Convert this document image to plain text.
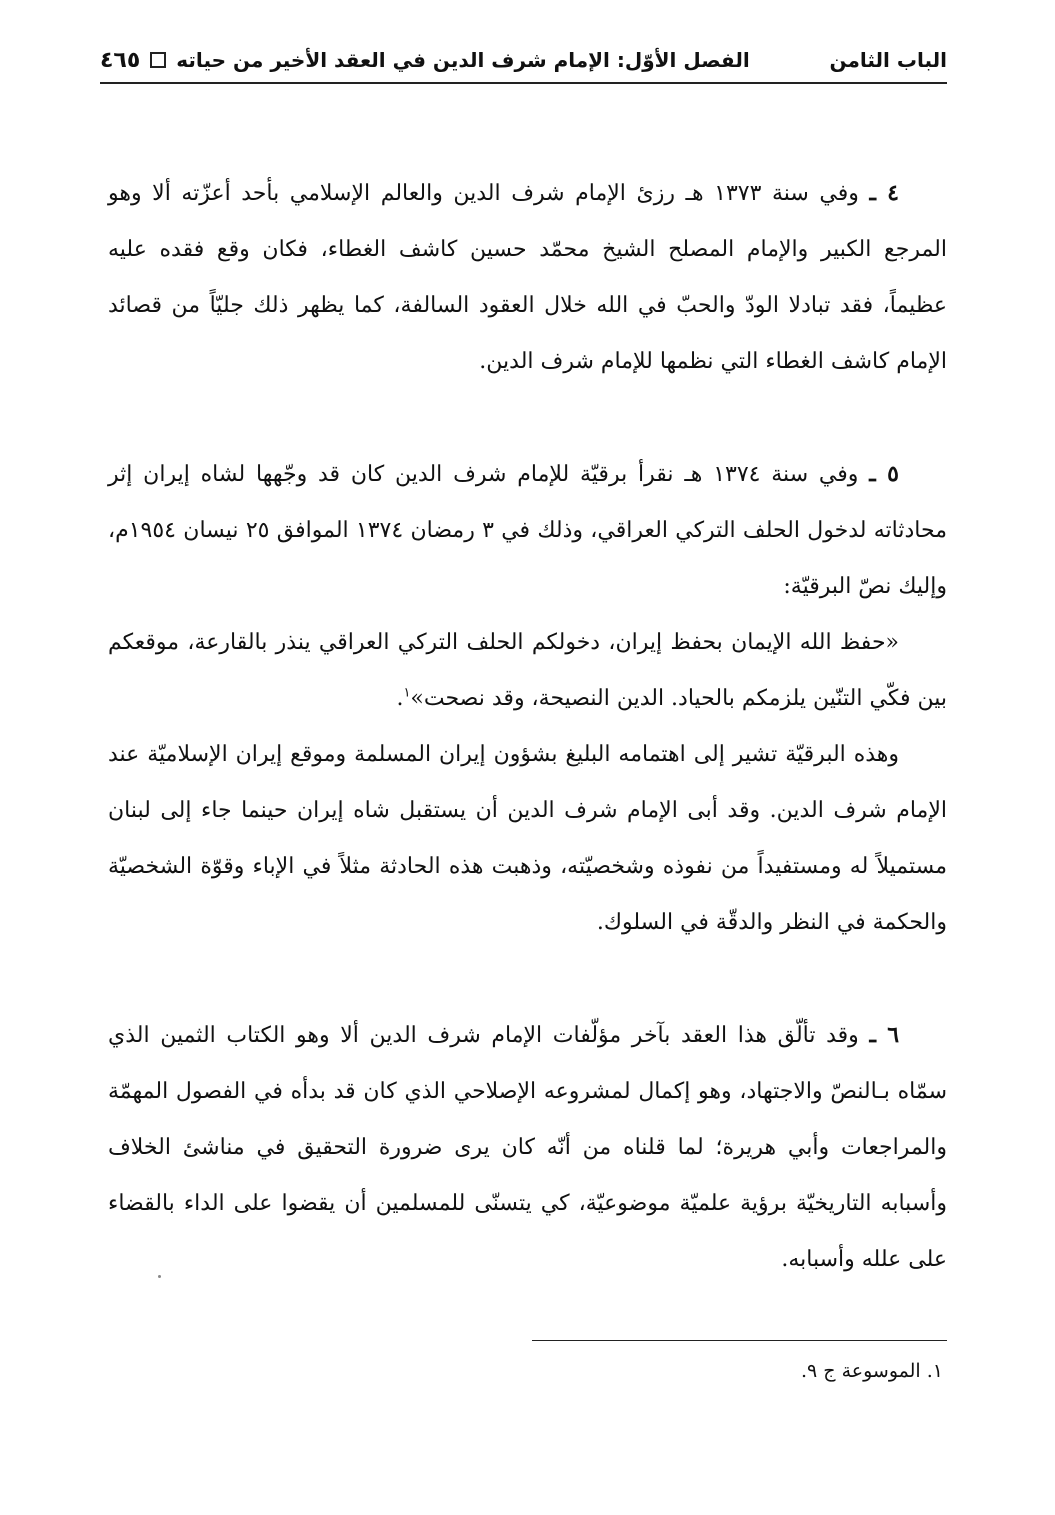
الباب الثامن
الفصل الأوّل: الإمام شرف الدين في العقد الأخير من حياته
٤٦٥

٤ ـ وفي سنة ١٣٧٣ هـ رزئ الإمام شرف الدين والعالم الإسلامي بأحد أعزّته ألا وهو المرجع الكبير والإمام المصلح الشيخ محمّد حسين كاشف الغطاء، فكان وقع فقده عليه عظيماً، فقد تبادلا الودّ والحبّ في الله خلال العقود السالفة، كما يظهر ذلك جليّاً من قصائد الإمام كاشف الغطاء التي نظمها للإمام شرف الدين.

٥ ـ وفي سنة ١٣٧٤ هـ نقرأ برقيّة للإمام شرف الدين كان قد وجّهها لشاه إيران إثر محادثاته لدخول الحلف التركي العراقي، وذلك في ٣ رمضان ١٣٧٤ الموافق ٢٥ نيسان ١٩٥٤م، وإليك نصّ البرقيّة:

«حفظ الله الإيمان بحفظ إيران، دخولكم الحلف التركي العراقي ينذر بالقارعة، موقعكم بين فكّي التنّين يلزمكم بالحياد. الدين النصيحة، وقد نصحت»$^١$.

وهذه البرقيّة تشير إلى اهتمامه البليغ بشؤون إيران المسلمة وموقع إيران الإسلاميّة عند الإمام شرف الدين. وقد أبى الإمام شرف الدين أن يستقبل شاه إيران حينما جاء إلى لبنان مستميلاً له ومستفيداً من نفوذه وشخصيّته، وذهبت هذه الحادثة مثلاً في الإباء وقوّة الشخصيّة والحكمة في النظر والدقّة في السلوك.

٦ ـ وقد تألّق هذا العقد بآخر مؤلّفات الإمام شرف الدين ألا وهو الكتاب الثمين الذي سمّاه بـالنصّ والاجتهاد، وهو إكمال لمشروعه الإصلاحي الذي كان قد بدأه في الفصول المهمّة والمراجعات وأبي هريرة؛ لما قلناه من أنّه كان يرى ضرورة التحقيق في مناشئ الخلاف وأسبابه التاريخيّة برؤية علميّة موضوعيّة، كي يتسنّى للمسلمين أن يقضوا على الداء بالقضاء على علله وأسبابه.

١. الموسوعة ج ٩.
